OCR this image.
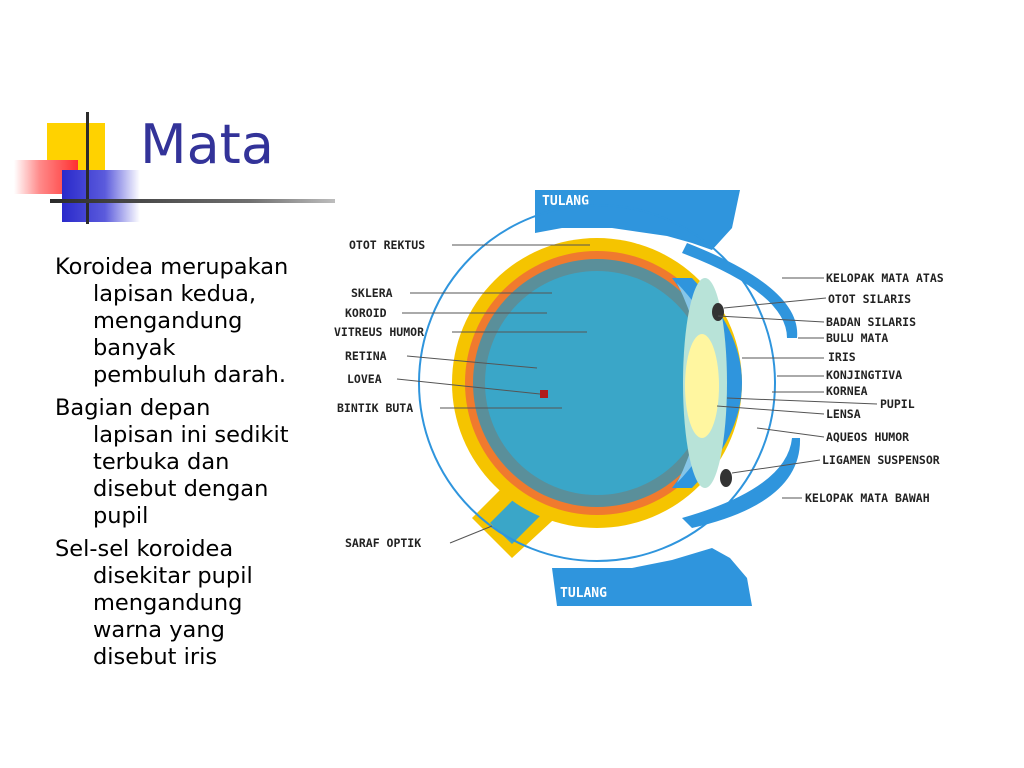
Mata
Koroidea merupakan lapisan kedua, mengandung banyak pembuluh darah.
Bagian depan lapisan ini sedikit terbuka dan disebut dengan pupil
Sel-sel koroidea disekitar pupil mengandung warna yang disebut iris
TULANG
TULANG
OTOT REKTUS
SKLERA
KOROID
VITREUS HUMOR
RETINA
LOVEA
BINTIK BUTA
SARAF OPTIK
KELOPAK MATA ATAS
OTOT SILARIS
BADAN SILARIS
BULU MATA
IRIS
KONJINGTIVA
KORNEA
PUPIL
LENSA
AQUEOS HUMOR
LIGAMEN SUSPENSOR
KELOPAK MATA BAWAH
